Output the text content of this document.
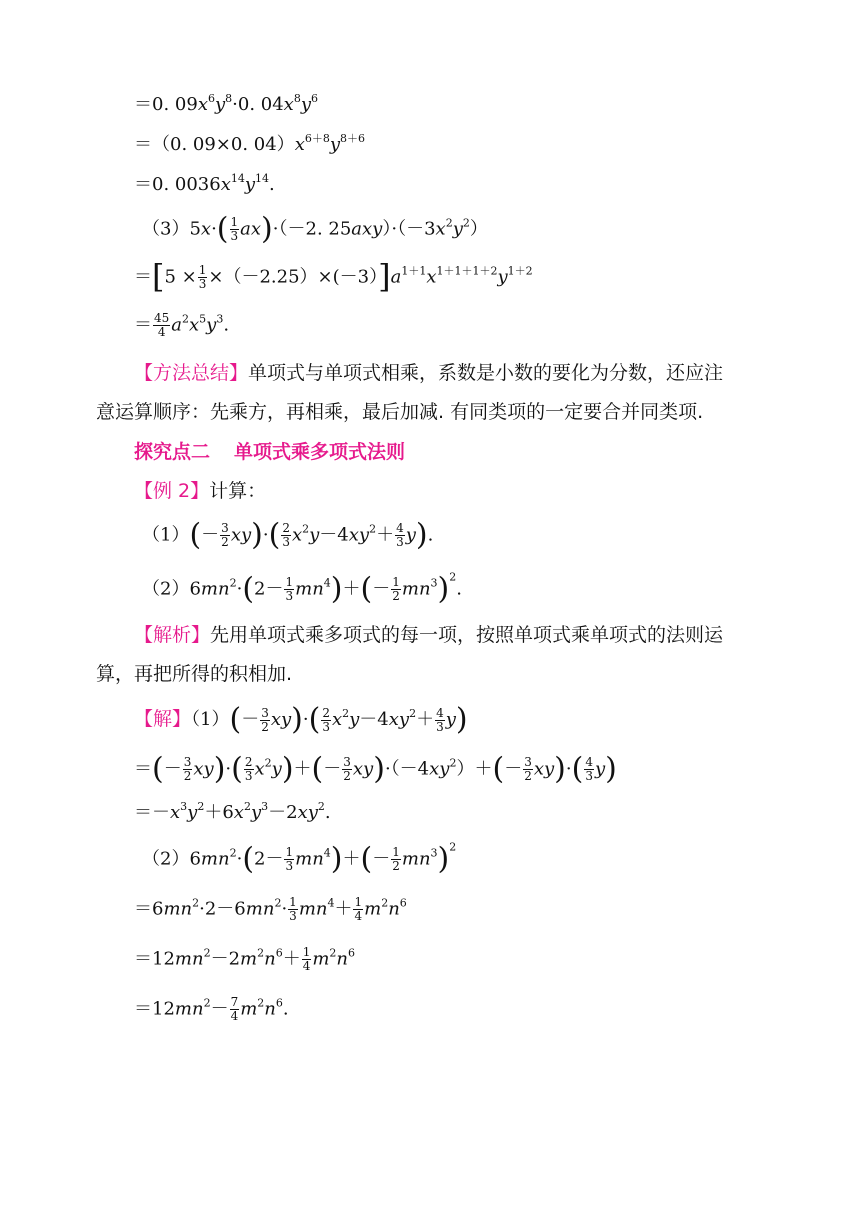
＝0. $09x^6y^8\cdot 0$. $04x^8y^6$
＝（0. 09×0. $04)x^{6+8}y^{8+6}$
＝0. $0036x^{14}y^{14}$.
$(3)5x\cdot( \frac{1}{3} ax)\cdot(-2$. $25axy)\cdot(-3x^2y^2)$
$=[5 \times \frac{1}{3} \times(-2.25)\times(-3)]a^{1+1}x^{1+1+1+2}y^{1+2}$
＝ $\frac{45}{4} a^2x^5y^3$.
【方法总结】单项式与单项式相乘，系数是小数的要化为分数，还应注
意运算顺序：先乘方，再相乘，最后加减. 有同类项的一定要合并同类项.
探究点二 单项式乘多项式法则
【例 2】计算：
$(1)(- \frac{3}{2} xy)\cdot( \frac{2}{3} x^2y-4xy^2+ \frac{4}{3} y)$.
$(2)6mn^2\cdot(2- \frac{1}{3} mn^4)+(- \frac{1}{2} mn^3)^2$.
【解析】先用单项式乘多项式的每一项，按照单项式乘单项式的法则运
算，再把所得的积相加.
【解】$(1)(- \frac{3}{2} xy)\cdot( \frac{2}{3} x^2y-4xy^2+ \frac{4}{3} y)$
＝(－ $\frac{3}{2} xy)\cdot( \frac{2}{3} x^2y)+(- \frac{3}{2} xy)\cdot(-4xy^2)+(- \frac{3}{2} xy)\cdot( \frac{4}{3} y)$
$=-x^3y^2+6x^2y^3-2xy^2$.
$(2)6mn^2\cdot(2- \frac{1}{3} mn^4)+(- \frac{1}{2} mn^3)^2$
$=6mn^2\cdot 2-6mn^2\cdot \frac{1}{3} mn^4+ \frac{1}{4} m^2n^6$
$=12mn^2-2m^2n^6+ \frac{1}{4} m^2n^6$
$=12mn^2- \frac{7}{4} m^2n^6$.
